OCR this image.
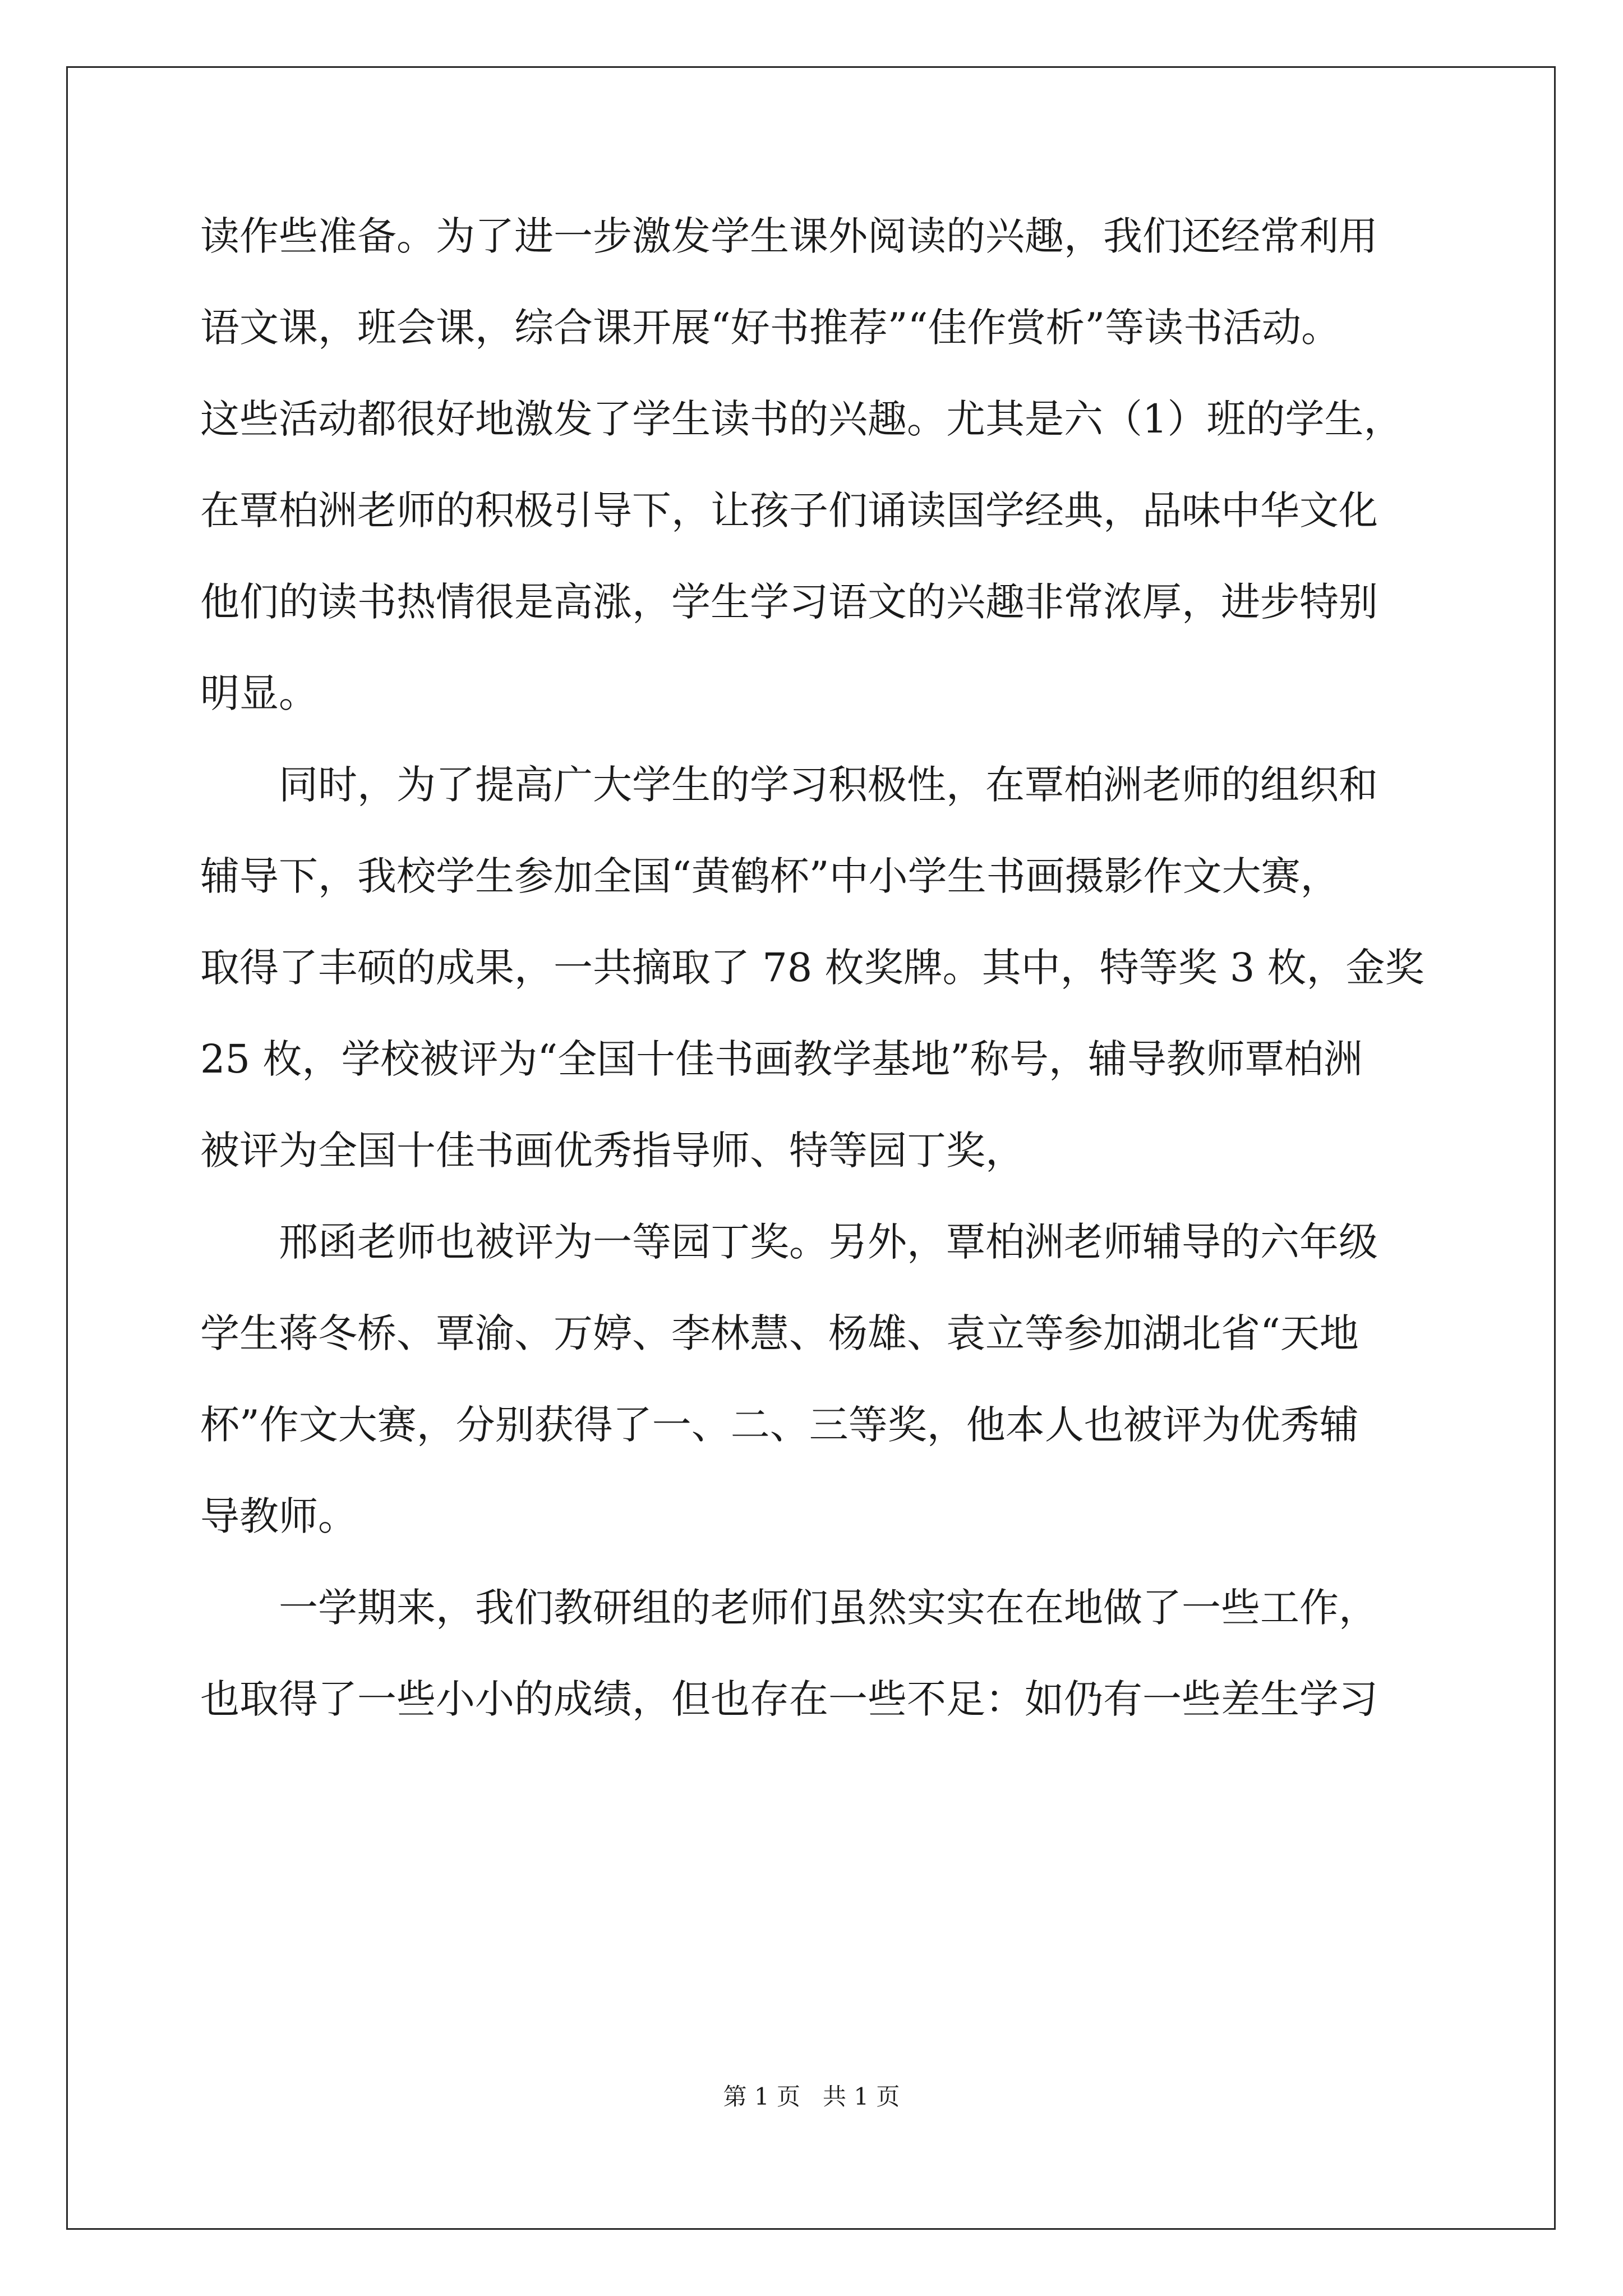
读作些准备。为了进一步激发学生课外阅读的兴趣，我们还经常利用
语文课，班会课，综合课开展“好书推荐”“佳作赏析”等读书活动。
这些活动都很好地激发了学生读书的兴趣。尤其是六（1）班的学生，
在覃柏洲老师的积极引导下，让孩子们诵读国学经典，品味中华文化
他们的读书热情很是高涨，学生学习语文的兴趣非常浓厚，进步特别
明显。
同时，为了提高广大学生的学习积极性，在覃柏洲老师的组织和
辅导下，我校学生参加全国“黄鹤杯”中小学生书画摄影作文大赛，
取得了丰硕的成果，一共摘取了 78 枚奖牌。其中，特等奖 3 枚，金奖
25 枚，学校被评为“全国十佳书画教学基地”称号，辅导教师覃柏洲
被评为全国十佳书画优秀指导师、特等园丁奖，
邢函老师也被评为一等园丁奖。另外，覃柏洲老师辅导的六年级
学生蒋冬桥、覃渝、万婷、李林慧、杨雄、袁立等参加湖北省“天地
杯”作文大赛，分别获得了一、二、三等奖，他本人也被评为优秀辅
导教师。
一学期来，我们教研组的老师们虽然实实在在地做了一些工作，
也取得了一些小小的成绩，但也存在一些不足：如仍有一些差生学习
第 1 页 共 1 页
